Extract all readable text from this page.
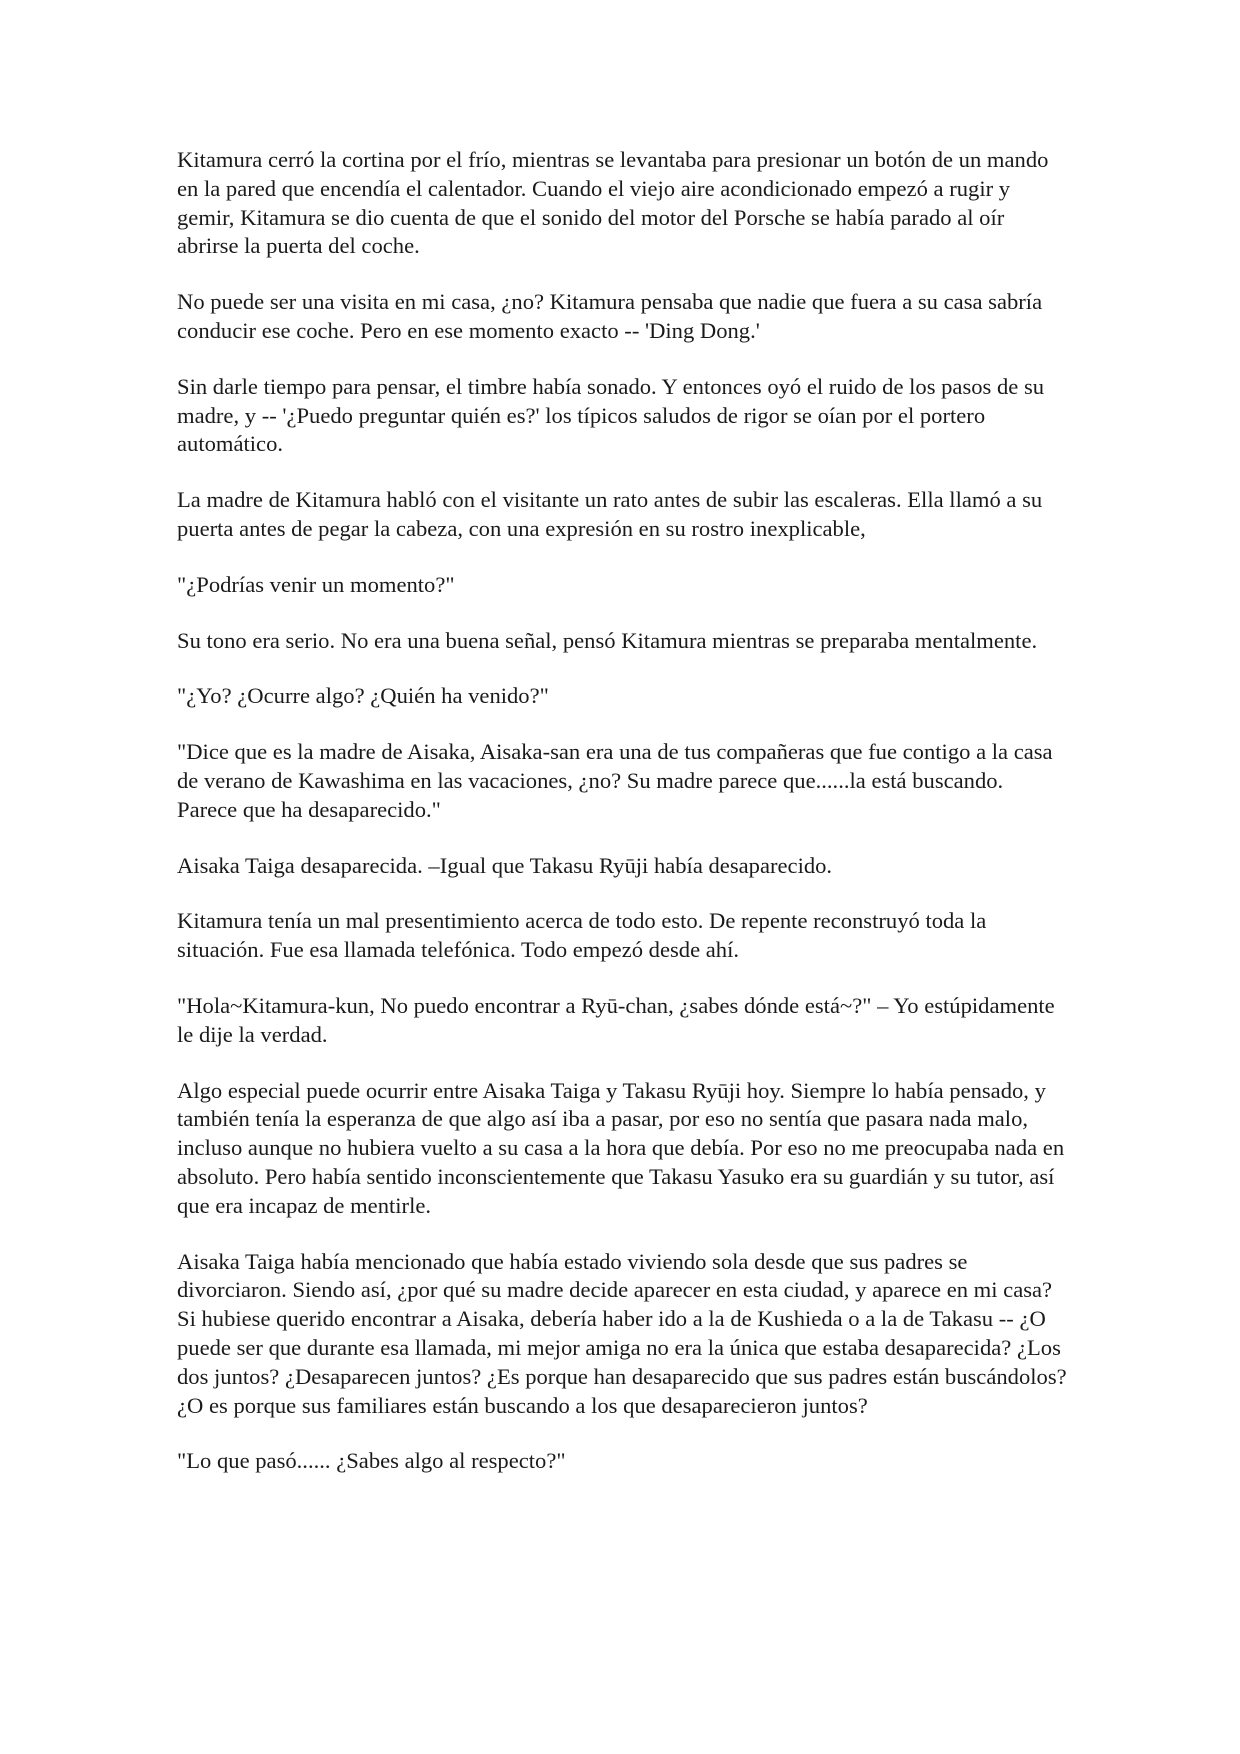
Kitamura cerró la cortina por el frío, mientras se levantaba para presionar un botón de un mando en la pared que encendía el calentador. Cuando el viejo aire acondicionado empezó a rugir y gemir, Kitamura se dio cuenta de que el sonido del motor del Porsche se había parado al oír abrirse la puerta del coche.

No puede ser una visita en mi casa, ¿no? Kitamura pensaba que nadie que fuera a su casa sabría conducir ese coche. Pero en ese momento exacto -- 'Ding Dong.'

Sin darle tiempo para pensar, el timbre había sonado. Y entonces oyó el ruido de los pasos de su madre, y -- '¿Puedo preguntar quién es?' los típicos saludos de rigor se oían por el portero automático.

La madre de Kitamura habló con el visitante un rato antes de subir las escaleras. Ella llamó a su puerta antes de pegar la cabeza, con una expresión en su rostro inexplicable,

"¿Podrías venir un momento?"

Su tono era serio. No era una buena señal, pensó Kitamura mientras se preparaba mentalmente.

"¿Yo? ¿Ocurre algo? ¿Quién ha venido?"

"Dice que es la madre de Aisaka, Aisaka-san era una de tus compañeras que fue contigo a la casa de verano de Kawashima en las vacaciones, ¿no? Su madre parece que......la está buscando. Parece que ha desaparecido."

Aisaka Taiga desaparecida. –Igual que Takasu Ryūji había desaparecido.

Kitamura tenía un mal presentimiento acerca de todo esto. De repente reconstruyó toda la situación. Fue esa llamada telefónica. Todo empezó desde ahí.

"Hola~Kitamura-kun, No puedo encontrar a Ryū-chan, ¿sabes dónde está~?" – Yo estúpidamente le dije la verdad.

Algo especial puede ocurrir entre Aisaka Taiga y Takasu Ryūji hoy. Siempre lo había pensado, y también tenía la esperanza de que algo así iba a pasar, por eso no sentía que pasara nada malo, incluso aunque no hubiera vuelto a su casa a la hora que debía. Por eso no me preocupaba nada en absoluto. Pero había sentido inconscientemente que Takasu Yasuko era su guardián y su tutor, así que era incapaz de mentirle.

Aisaka Taiga había mencionado que había estado viviendo sola desde que sus padres se divorciaron. Siendo así, ¿por qué su madre decide aparecer en esta ciudad, y aparece en mi casa? Si hubiese querido encontrar a Aisaka, debería haber ido a la de Kushieda o a la de Takasu -- ¿O puede ser que durante esa llamada, mi mejor amiga no era la única que estaba desaparecida? ¿Los dos juntos? ¿Desaparecen juntos? ¿Es porque han desaparecido que sus padres están buscándolos? ¿O es porque sus familiares están buscando a los que desaparecieron juntos?

"Lo que pasó...... ¿Sabes algo al respecto?"
